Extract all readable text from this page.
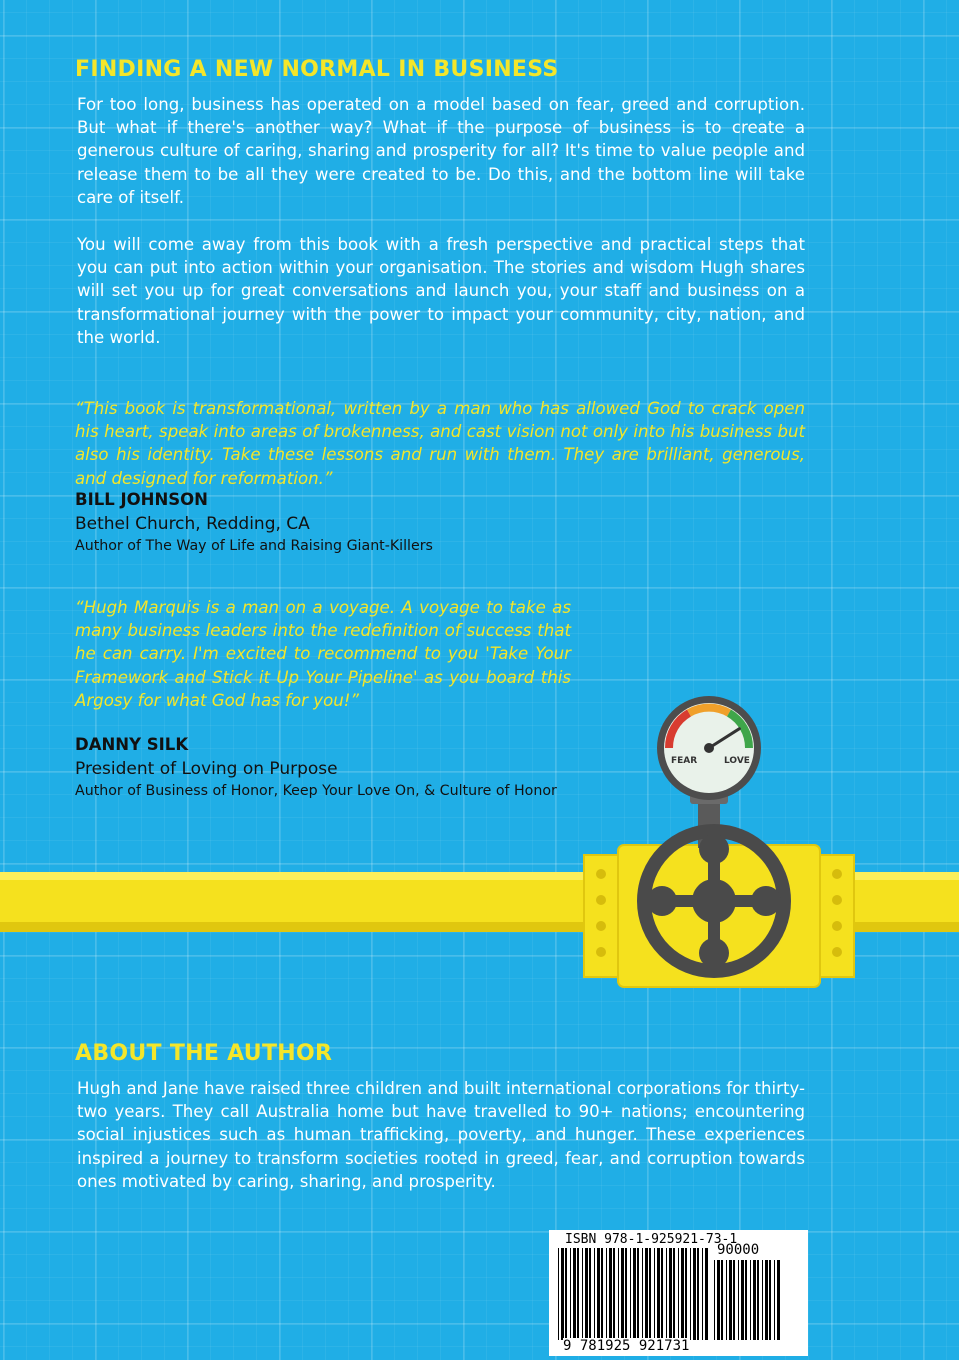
FINDING A NEW NORMAL IN BUSINESS

For too long, business has operated on a model based on fear, greed and corruption. But what if there's another way? What if the purpose of business is to create a generous culture of caring, sharing and prosperity for all? It's time to value people and release them to be all they were created to be. Do this, and the bottom line will take care of itself.

You will come away from this book with a fresh perspective and practical steps that you can put into action within your organisation. The stories and wisdom Hugh shares will set you up for great conversations and launch you, your staff and business on a transformational journey with the power to impact your community, city, nation, and the world.

“This book is transformational, written by a man who has allowed God to crack open his heart, speak into areas of brokenness, and cast vision not only into his business but also his identity. Take these lessons and run with them. They are brilliant, generous, and designed for reformation.”

BILL JOHNSON

Bethel Church, Redding, CA

Author of The Way of Life and Raising Giant-Killers

“Hugh Marquis is a man on a voyage. A voyage to take as many business leaders into the redefinition of success that he can carry. I'm excited to recommend to you 'Take Your Framework and Stick it Up Your Pipeline' as you board this Argosy for what God has for you!”

DANNY SILK

President of Loving on Purpose

Author of Business of Honor, Keep Your Love On, & Culture of Honor

FEAR	LOVE
ABOUT THE AUTHOR

Hugh and Jane have raised three children and built international corporations for thirty-two years. They call Australia home but have travelled to 90+ nations; encountering social injustices such as human trafficking, poverty, and hunger. These experiences inspired a journey to transform societies rooted in greed, fear, and corruption towards ones motivated by caring, sharing, and prosperity.

ISBN 978-1-925921-73-1

90000

9 781925 921731
